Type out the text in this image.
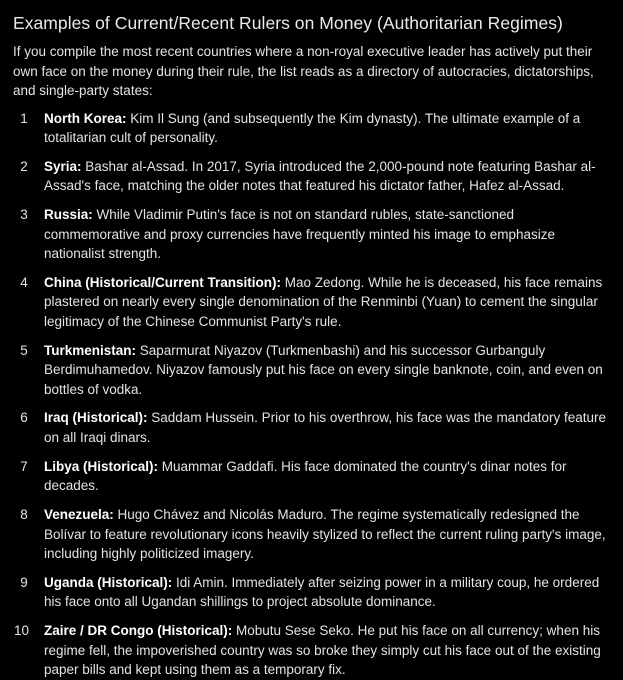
Examples of Current/Recent Rulers on Money (Authoritarian Regimes)

If you compile the most recent countries where a non-royal executive leader has actively put their own face on the money during their rule, the list reads as a directory of autocracies, dictatorships, and single-party states:

1	North Korea: Kim Il Sung (and subsequently the Kim dynasty). The ultimate example of a totalitarian cult of personality.
2	Syria: Bashar al-Assad. In 2017, Syria introduced the 2,000-pound note featuring Bashar al-Assad's face, matching the older notes that featured his dictator father, Hafez al-Assad.
3	Russia: While Vladimir Putin's face is not on standard rubles, state-sanctioned commemorative and proxy currencies have frequently minted his image to emphasize nationalist strength.
4	China (Historical/Current Transition): Mao Zedong. While he is deceased, his face remains plastered on nearly every single denomination of the Renminbi (Yuan) to cement the singular legitimacy of the Chinese Communist Party's rule.
5	Turkmenistan: Saparmurat Niyazov (Turkmenbashi) and his successor Gurbanguly Berdimuhamedov. Niyazov famously put his face on every single banknote, coin, and even on bottles of vodka.
6	Iraq (Historical): Saddam Hussein. Prior to his overthrow, his face was the mandatory feature on all Iraqi dinars.
7	Libya (Historical): Muammar Gaddafi. His face dominated the country's dinar notes for decades.
8	Venezuela: Hugo Chávez and Nicolás Maduro. The regime systematically redesigned the Bolívar to feature revolutionary icons heavily stylized to reflect the current ruling party's image, including highly politicized imagery.
9	Uganda (Historical): Idi Amin. Immediately after seizing power in a military coup, he ordered his face onto all Ugandan shillings to project absolute dominance.
10	Zaire / DR Congo (Historical): Mobutu Sese Seko. He put his face on all currency; when his regime fell, the impoverished country was so broke they simply cut his face out of the existing paper bills and kept using them as a temporary fix.
